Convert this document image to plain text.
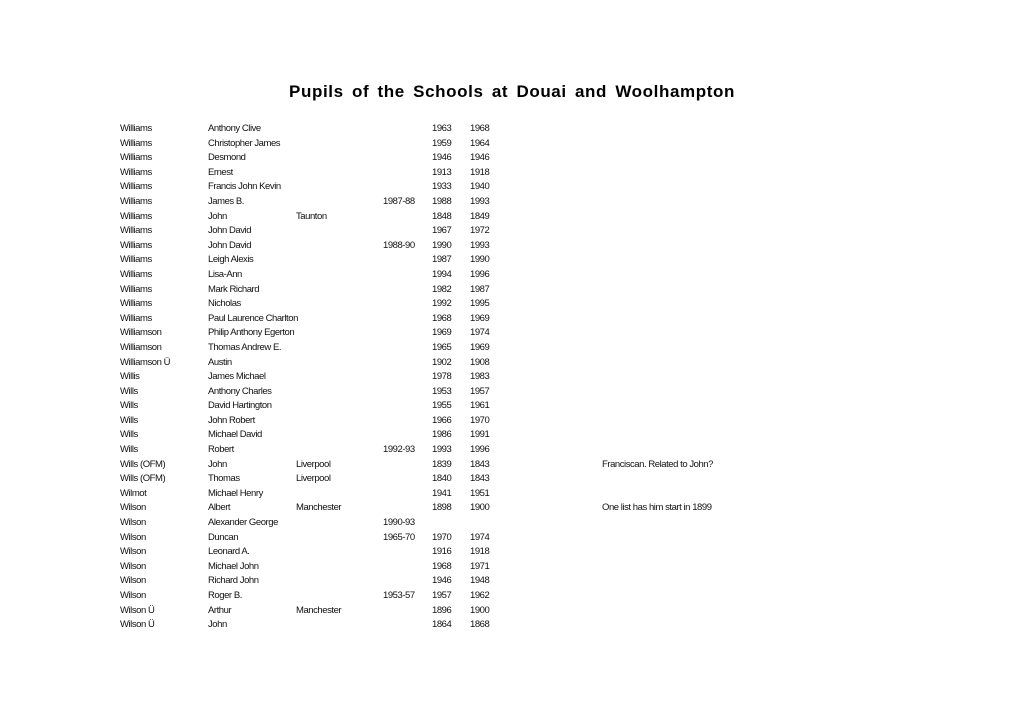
Pupils of the Schools at Douai and Woolhampton
Williams	Anthony Clive	1963 1968
Williams	Christopher James	1959 1964
Williams	Desmond	1946 1946
Williams	Ernest	1913 1918
Williams	Francis John Kevin	1933 1940
Williams	James B.	1987-88 1988 1993
Williams	John	Taunton	1848 1849
Williams	John David	1967 1972
Williams	John David	1988-90 1990 1993
Williams	Leigh Alexis	1987 1990
Williams	Lisa-Ann	1994 1996
Williams	Mark Richard	1982 1987
Williams	Nicholas	1992 1995
Williams	Paul Laurence Charlton	1968 1969
Williamson	Philip Anthony Egerton	1969 1974
Williamson	Thomas Andrew E.	1965 1969
Williamson Ü	Austin	1902 1908
Willis	James Michael	1978 1983
Wills	Anthony Charles	1953 1957
Wills	David Hartington	1955 1961
Wills	John Robert	1966 1970
Wills	Michael David	1986 1991
Wills	Robert	1992-93 1993 1996
Wills (OFM)	John	Liverpool	1839 1843	Franciscan. Related to John?
Wills (OFM)	Thomas	Liverpool	1840 1843
Wilmot	Michael Henry	1941 1951
Wilson	Albert	Manchester	1898 1900	One list has him start in 1899
Wilson	Alexander George	1990-93
Wilson	Duncan	1965-70 1970 1974
Wilson	Leonard A.	1916 1918
Wilson	Michael John	1968 1971
Wilson	Richard John	1946 1948
Wilson	Roger B.	1953-57 1957 1962
Wilson Ü	Arthur	Manchester	1896 1900
Wilson Ü	John	1864 1868
